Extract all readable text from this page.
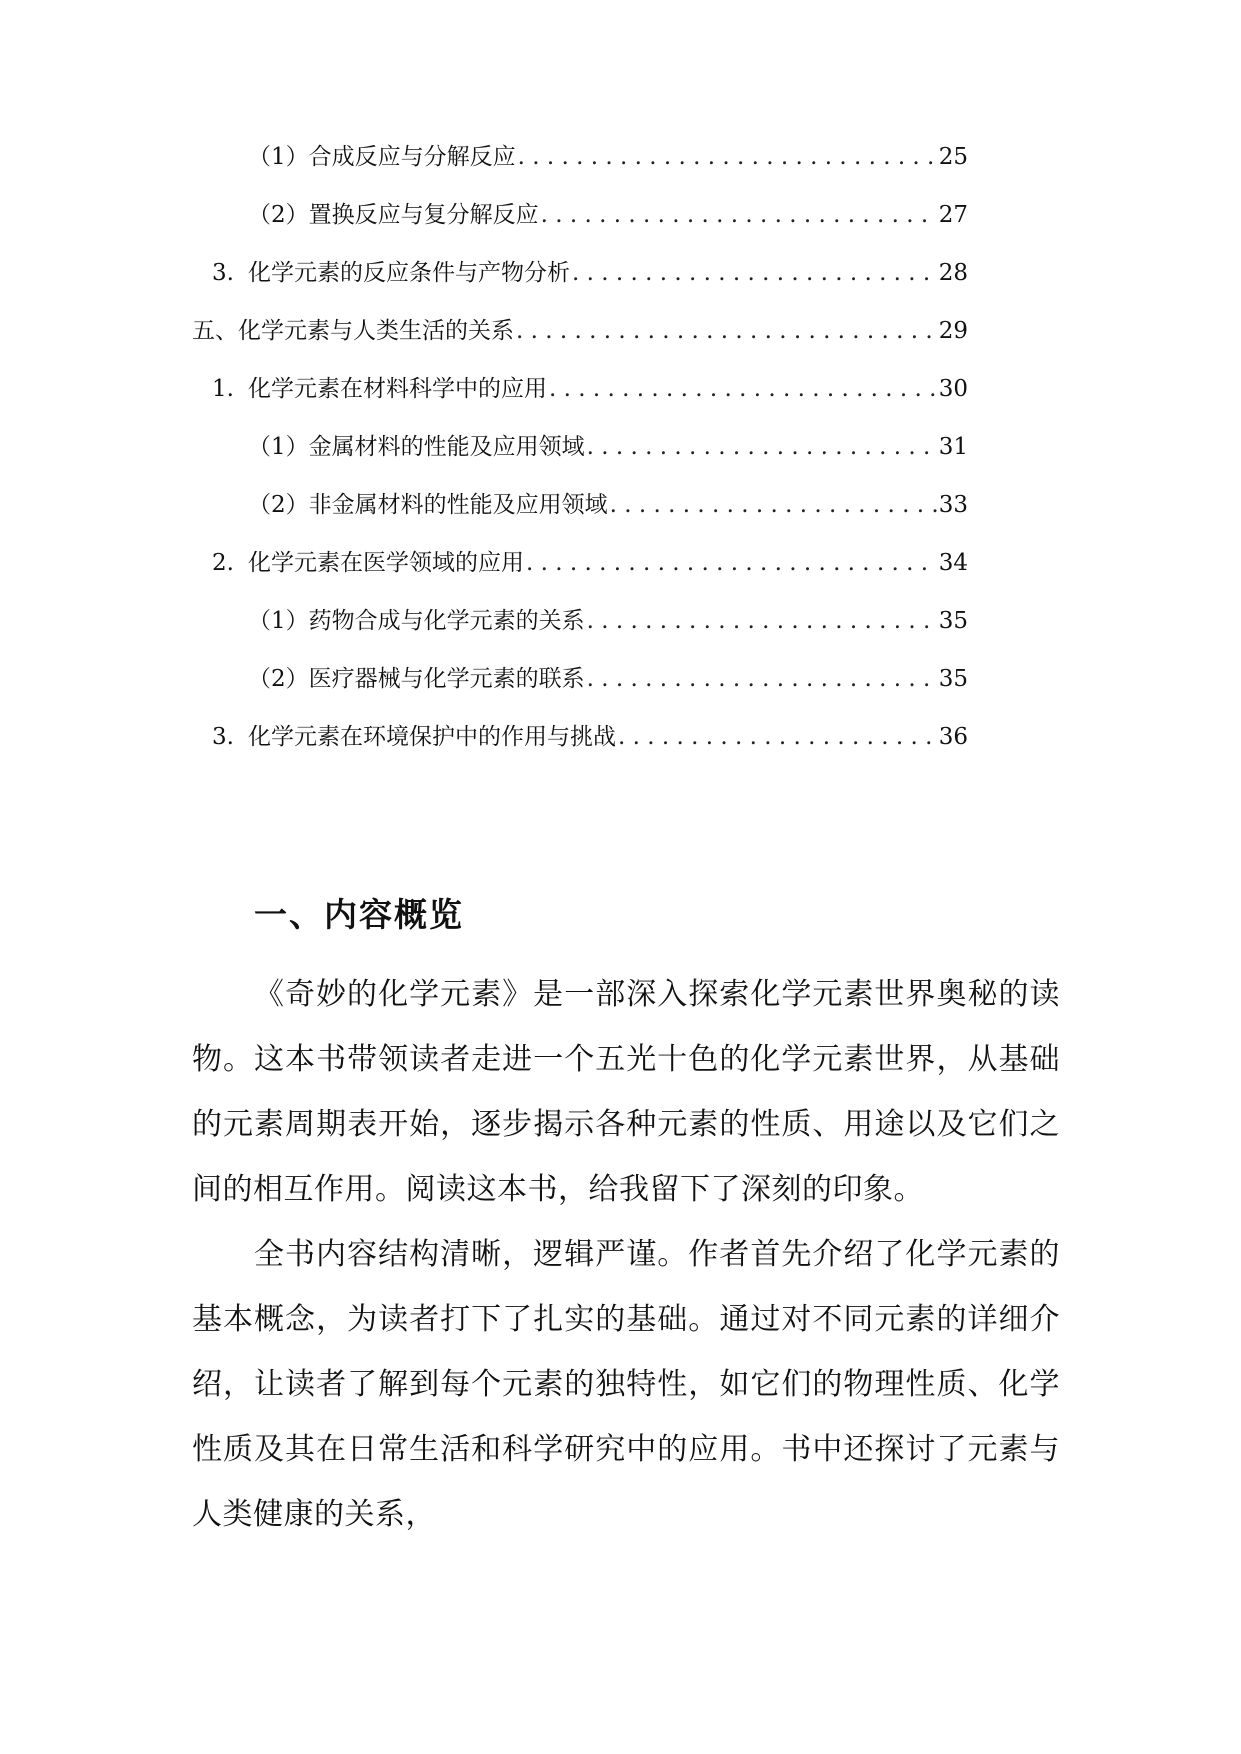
（1） 合成反应与分解反应 . . .	25
（2） 置换反应与复分解反应 . . .	27
3. 化学元素的反应条件与产物分析 . . .	28
五、化学元素与人类生活的关系 . . .	29
1. 化学元素在材料科学中的应用 . . .	30
（1） 金属材料的性能及应用领域 . . .	31
（2） 非金属材料的性能及应用领域 . . .	33
2. 化学元素在医学领域的应用 . . .	34
（1） 药物合成与化学元素的关系 . . .	35
（2） 医疗器械与化学元素的联系 . . .	35
3. 化学元素在环境保护中的作用与挑战 . . .	36
一、内容概览

《奇妙的化学元素》是一部深入探索化学元素世界奥秘的读物。这本书带领读者走进一个五光十色的化学元素世界，从基础的元素周期表开始，逐步揭示各种元素的性质、用途以及它们之间的相互作用。阅读这本书，给我留下了深刻的印象。

全书内容结构清晰，逻辑严谨。作者首先介绍了化学元素的基本概念，为读者打下了扎实的基础。通过对不同元素的详细介绍，让读者了解到每个元素的独特性，如它们的物理性质、化学性质及其在日常生活和科学研究中的应用。书中还探讨了元素与人类健康的关系，
